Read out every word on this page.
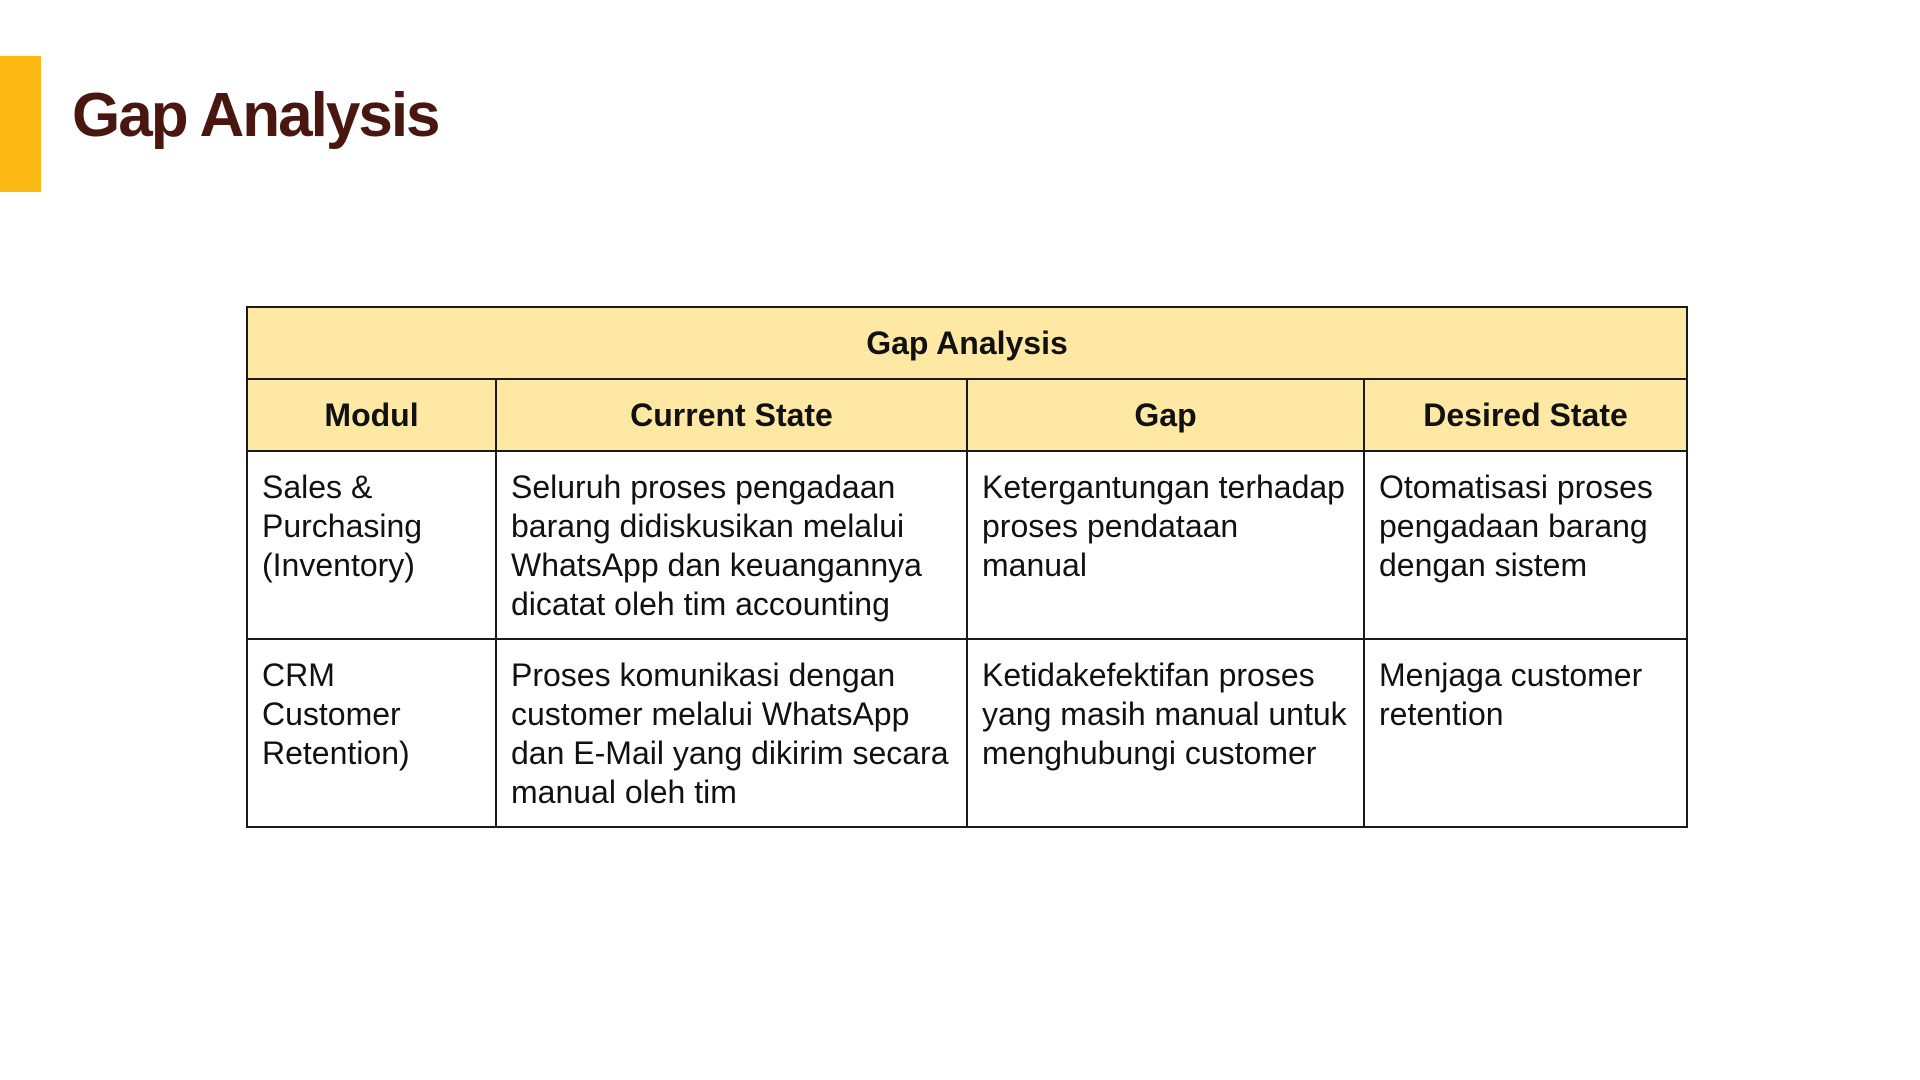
Gap Analysis
Gap Analysis			
Modul	Current State	Gap	Desired State
Sales & Purchasing (Inventory)	Seluruh proses pengadaan barang didiskusikan melalui WhatsApp dan keuangannya dicatat oleh tim accounting	Ketergantungan terhadap proses pendataan manual	Otomatisasi proses pengadaan barang dengan sistem
CRM Customer Retention)	Proses komunikasi dengan customer melalui WhatsApp dan E-Mail yang dikirim secara manual oleh tim	Ketidakefektifan proses yang masih manual untuk menghubungi customer	Menjaga customer retention
